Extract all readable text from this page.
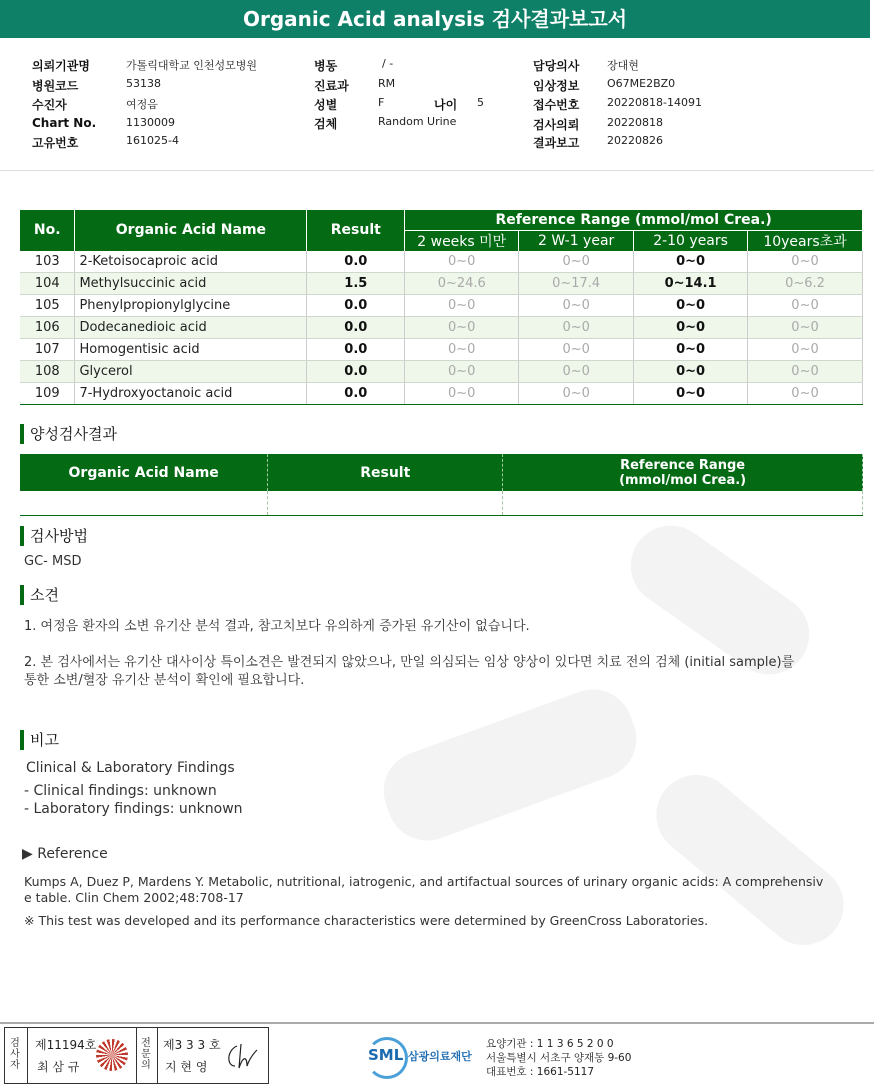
Organic Acid analysis 검사결과보고서
의뢰기관명	가톨릭대학교 인천성모병원
병원코드	53138
수진자	여정음
Chart No.	1130009
고유번호	161025-4
병동	/ -
진료과	RM
성별	F	나이 5
검체	Random Urine
담당의사	장대현
임상정보	O67ME2BZ0
접수번호	20220818-14091
검사의뢰	20220818
결과보고	20220826
No.	Organic Acid Name	Result	Reference Range (mmol/mol Crea.)			
			2 weeks 미만	2 W-1 year	2-10 years	10years초과
103	2-Ketoisocaproic acid	0.0	0~0	0~0	0~0	0~0
104	Methylsuccinic acid	1.5	0~24.6	0~17.4	0~14.1	0~6.2
105	Phenylpropionylglycine	0.0	0~0	0~0	0~0	0~0
106	Dodecanedioic acid	0.0	0~0	0~0	0~0	0~0
107	Homogentisic acid	0.0	0~0	0~0	0~0	0~0
108	Glycerol	0.0	0~0	0~0	0~0	0~0
109	7-Hydroxyoctanoic acid	0.0	0~0	0~0	0~0	0~0
양성검사결과
Organic Acid Name	Result	Reference Range
(mmol/mol Crea.)

검사방법
GC- MSD
소견
1. 여정음 환자의 소변 유기산 분석 결과, 참고치보다 유의하게 증가된 유기산이 없습니다.
2. 본 검사에서는 유기산 대사이상 특이소견은 발견되지 않았으나, 만일 의심되는 임상 양상이 있다면 치료 전의 검체 (initial sample)를
통한 소변/혈장 유기산 분석이 확인에 필요합니다.
비고
Clinical & Laboratory Findings
- Clinical findings: unknown
- Laboratory findings: unknown
▶ Reference
Kumps A, Duez P, Mardens Y. Metabolic, nutritional, iatrogenic, and artifactual sources of urinary organic acids: A comprehensiv
e table. Clin Chem 2002;48:708-17
※ This test was developed and its performance characteristics were determined by GreenCross Laboratories.
검사자
제11194호
최 삼 규
전문의
제3 3 3 호
지 현 영
SML 삼광의료재단
요양기관 : 1 1 3 6 5 2 0 0
서울특별시 서초구 양재동 9-60
대표번호 : 1661-5117
